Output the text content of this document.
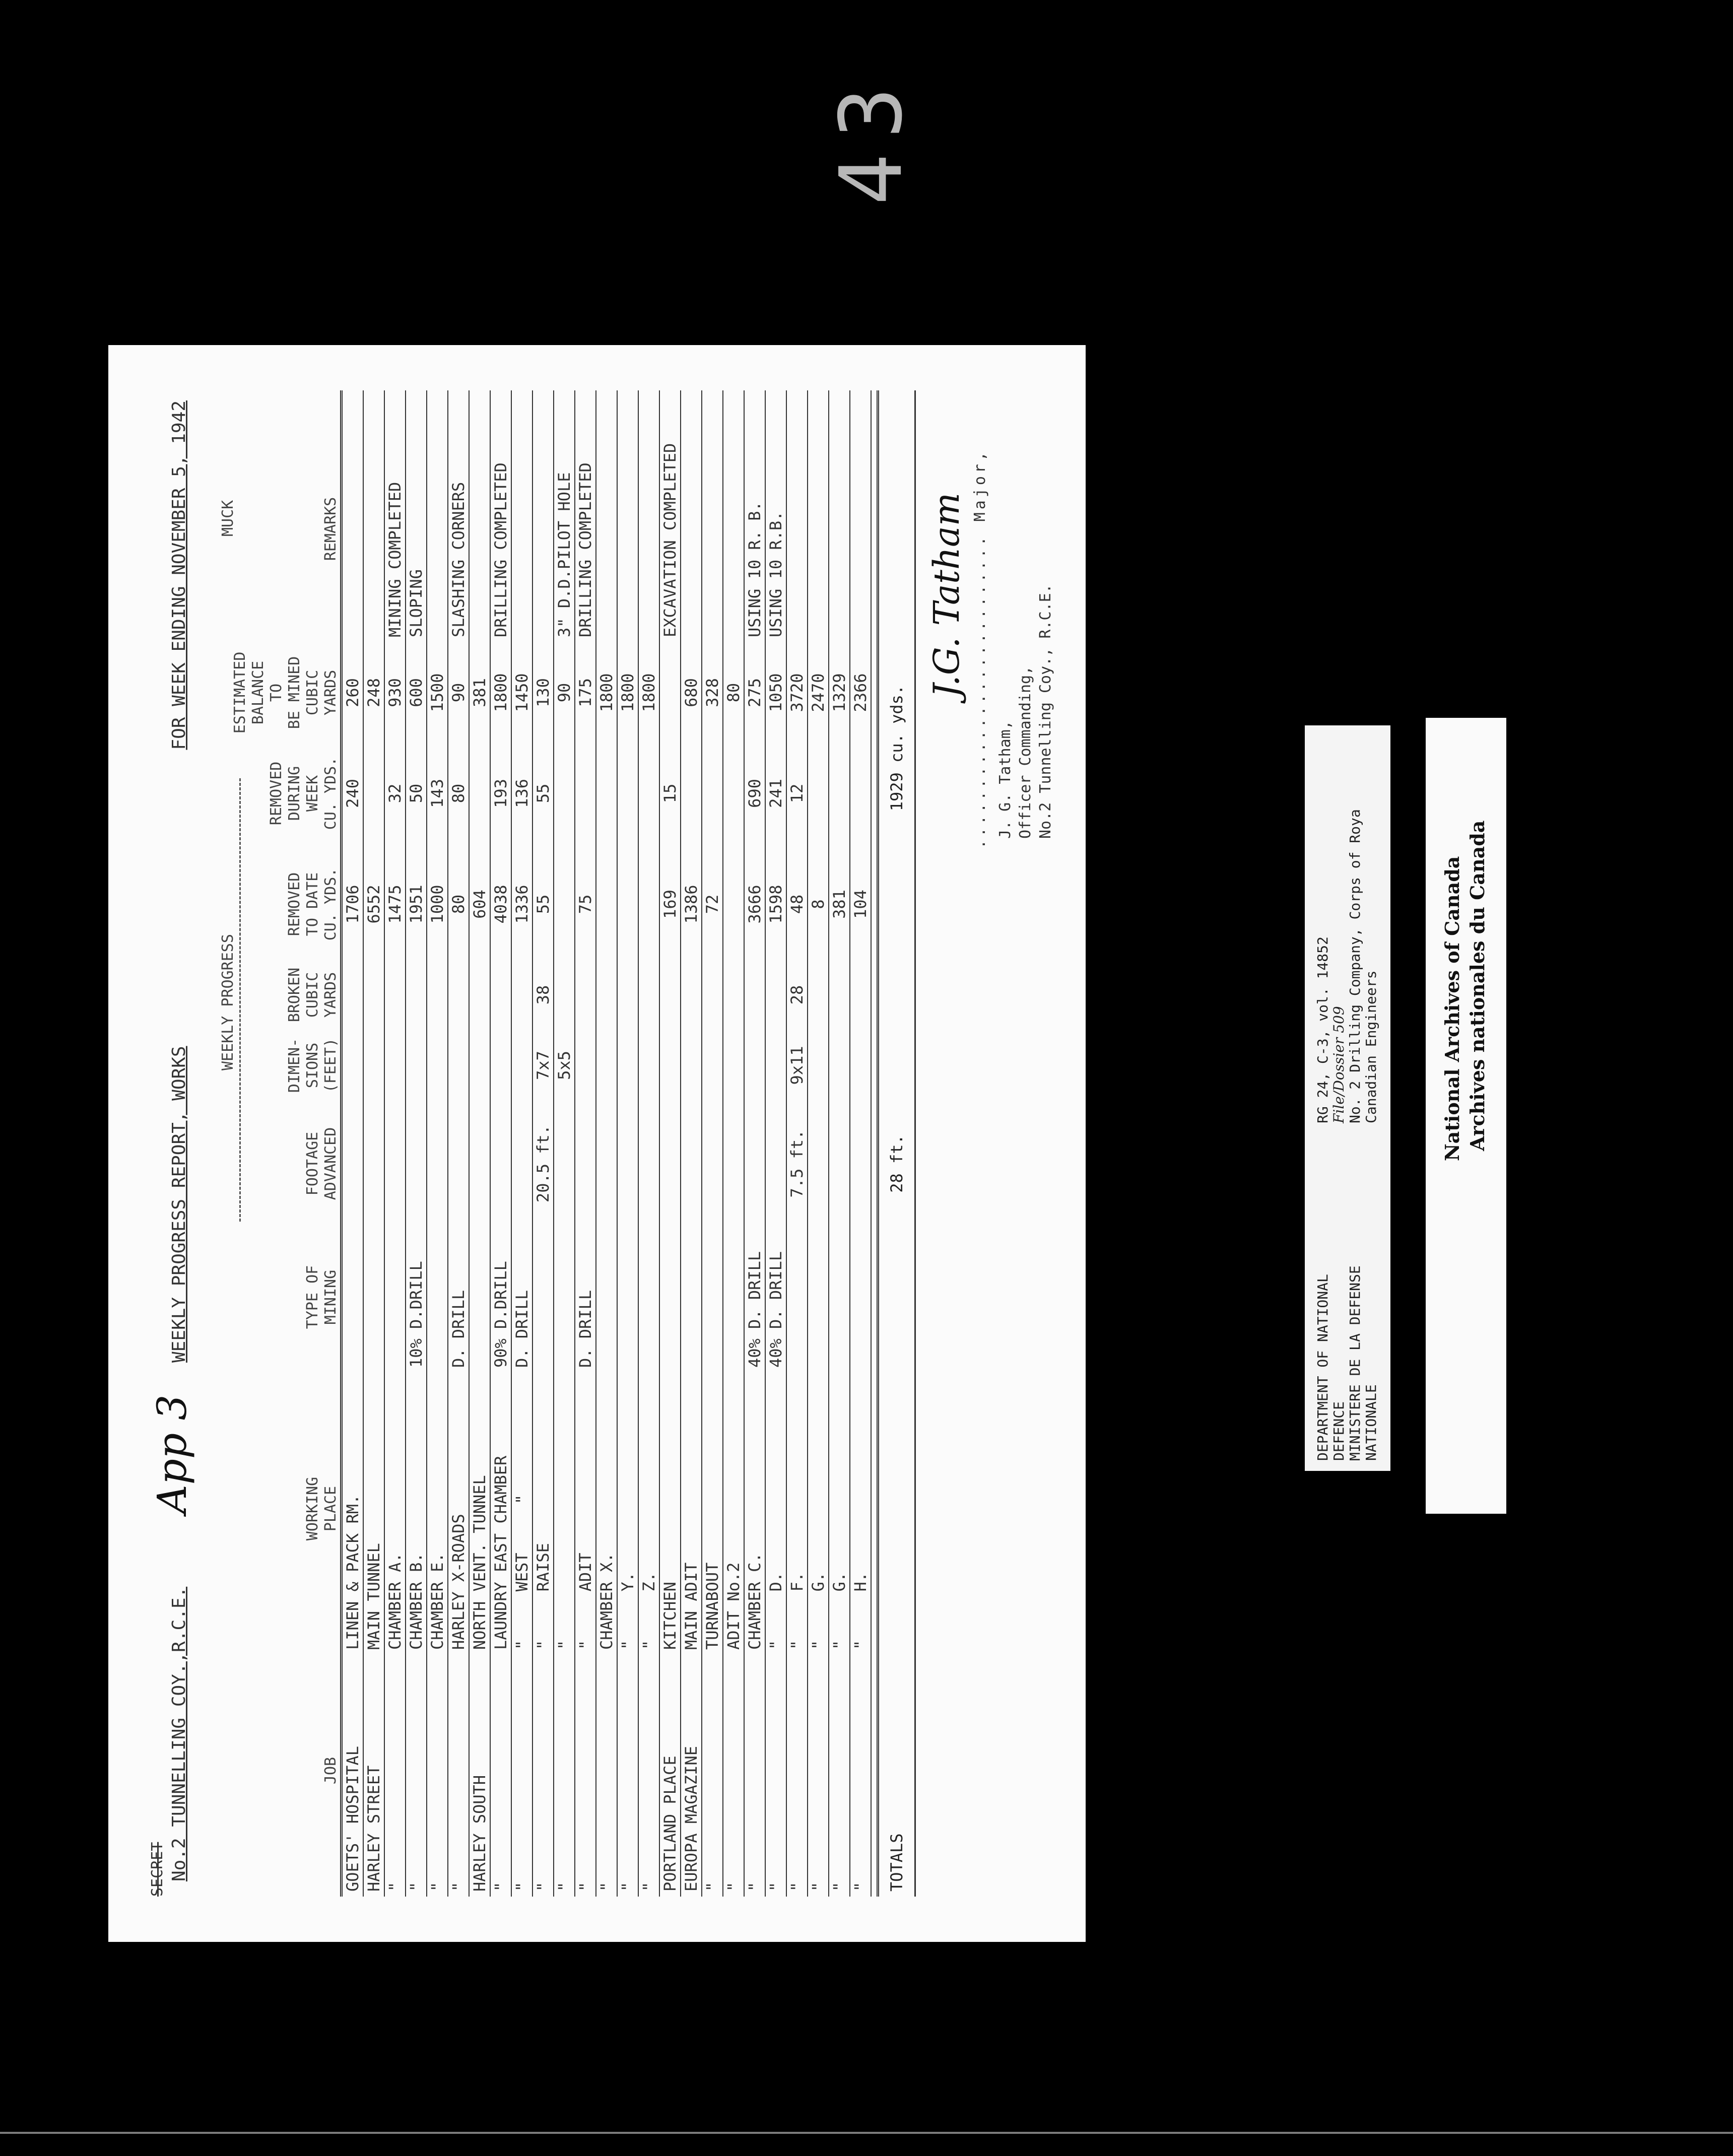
43
SECRET No.2 TUNNELLING COY.,R.C.E.
App 3
WEEKLY PROGRESS REPORT, WORKS
FOR WEEK ENDING NOVEMBER 5, 1942
WEEKLY PROGRESS
MUCK
JOB
WORKING
PLACE
TYPE OF
MINING
FOOTAGE
ADVANCED
DIMEN-
SIONS
(FEET)
BROKEN
CUBIC
YARDS
REMOVED
TO DATE
CU. YDS.
REMOVED
DURING
WEEK
CU. YDS.
ESTIMATED
BALANCE TO
BE MINED
CUBIC
YARDS
REMARKS
GOETS' HOSPITAL
LINEN & PACK RM.
1706
240
260
HARLEY STREET
MAIN TUNNEL
6552
248
"
CHAMBER A.
1475
32
930
MINING COMPLETED
"
CHAMBER B.
10% D.DRILL
1951
50
600
SLOPING
"
CHAMBER E.
1000
143
1500
"
HARLEY X-ROADS
D. DRILL
80
80
90
SLASHING CORNERS
HARLEY SOUTH
NORTH VENT. TUNNEL
604
381
"
LAUNDRY EAST CHAMBER
90% D.DRILL
4038
193
1800
DRILLING COMPLETED
"
"     WEST     "
D. DRILL
1336
136
1450
"
"     RAISE
20.5 ft.
7x7
38
55
55
130
"
"
5x5
90
3" D.D.PILOT HOLE
"
"     ADIT
D. DRILL
75
175
DRILLING COMPLETED
"
CHAMBER X.
1800
"
"     Y.
1800
"
"     Z.
1800
PORTLAND PLACE
KITCHEN
169
15
EXCAVATION COMPLETED
EUROPA MAGAZINE
MAIN ADIT
1386
680
"
TURNABOUT
72
328
"
ADIT No.2
80
"
CHAMBER C.
40% D. DRILL
3666
690
275
USING 10 R. B.
"
"     D.
40% D. DRILL
1598
241
1050
USING 10 R.B.
"
"     F.
7.5 ft.
9x11
28
48
12
3720
"
"     G.
8
2470
"
"     G.
381
1329
"
"     H.
104
2366
TOTALS
28 ft.
1929 cu. yds.
J.G. Tatham .......................... Major,
J. G. Tatham, Officer Commanding, No.2 Tunnelling Coy., R.C.E.
DEPARTMENT OF NATIONAL DEFENCE MINISTERE DE LA DEFENSE NATIONALE
RG 24, C-3, vol. 14852 File/Dossier 509 No. 2 Drilling Company, Corps of Roya Canadian Engineers	National Archives of Canada Archives nationales du Canada
